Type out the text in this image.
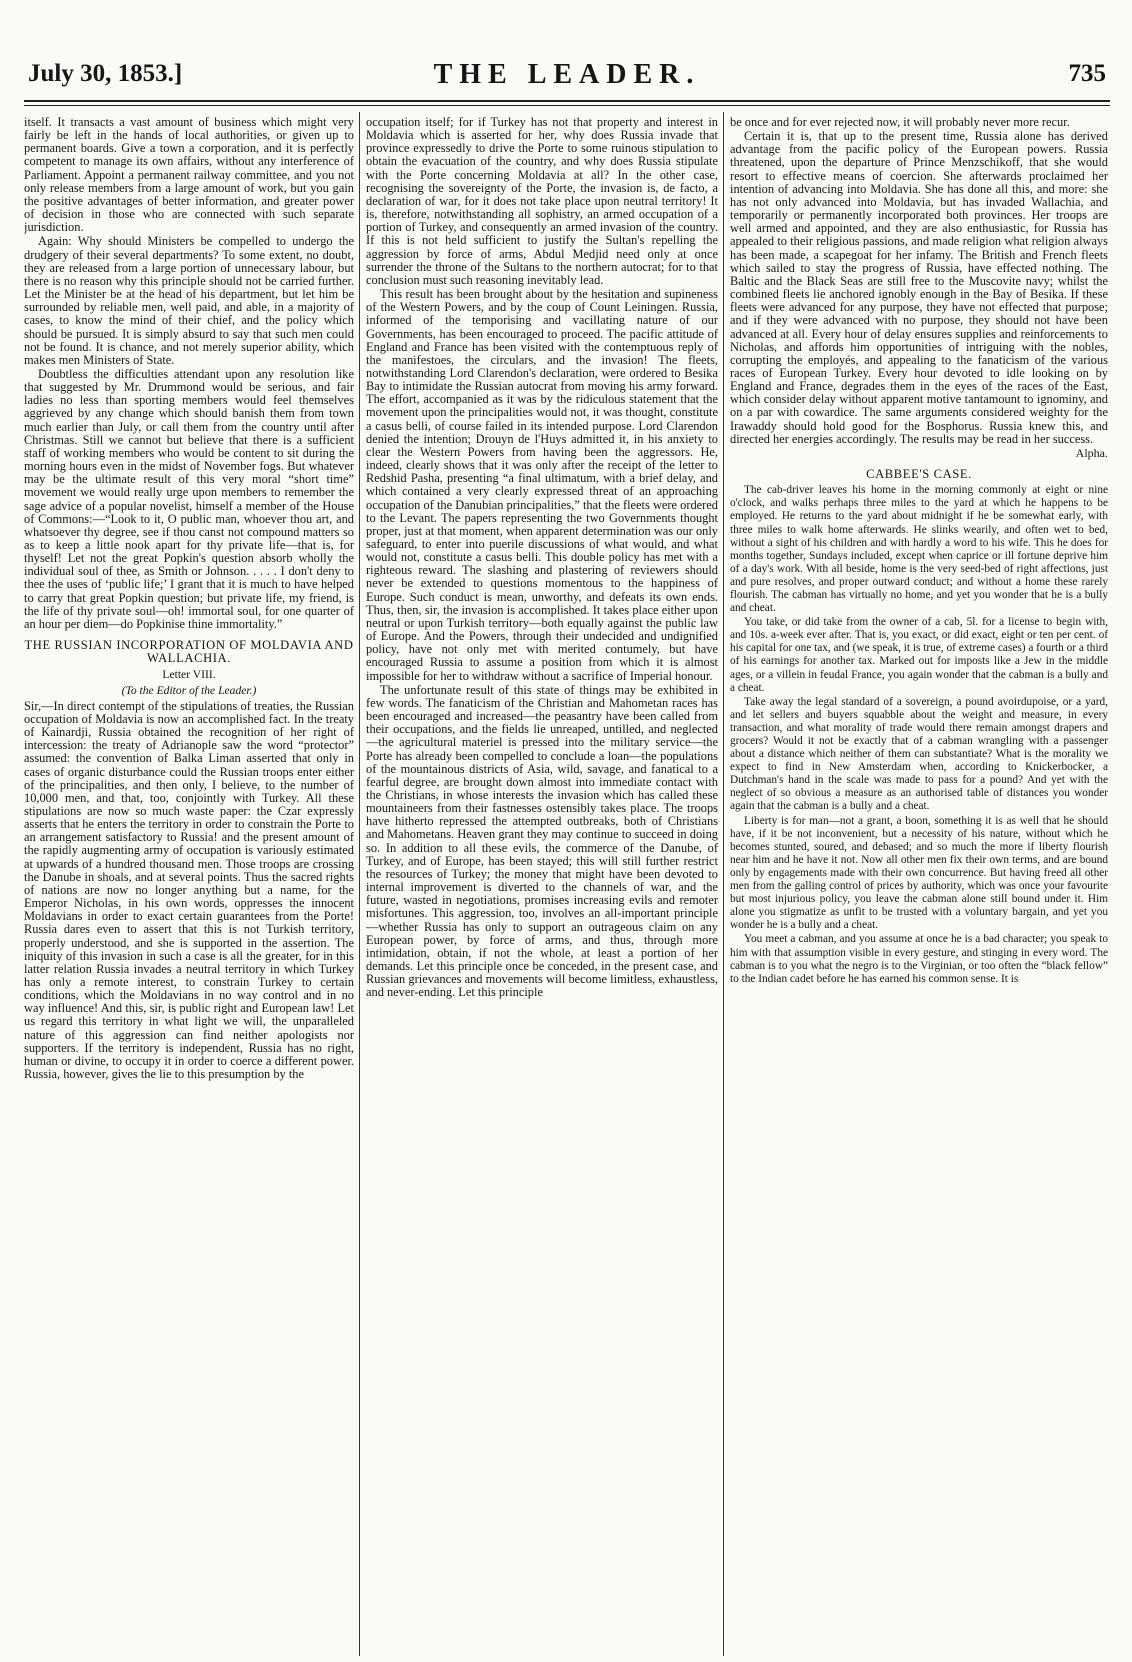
July 30, 1853.]	THE LEADER.	735

itself. It transacts a vast amount of business which might very fairly be left in the hands of local authorities, or given up to permanent boards. Give a town a corporation, and it is perfectly competent to manage its own affairs, without any interference of Parliament. Appoint a permanent railway committee, and you not only release members from a large amount of work, but you gain the positive advantages of better information, and greater power of decision in those who are connected with such separate jurisdiction.

Again: Why should Ministers be compelled to undergo the drudgery of their several departments? To some extent, no doubt, they are released from a large portion of unnecessary labour, but there is no reason why this principle should not be carried further. Let the Minister be at the head of his department, but let him be surrounded by reliable men, well paid, and able, in a majority of cases, to know the mind of their chief, and the policy which should be pursued. It is simply absurd to say that such men could not be found. It is chance, and not merely superior ability, which makes men Ministers of State.

Doubtless the difficulties attendant upon any resolution like that suggested by Mr. Drummond would be serious, and fair ladies no less than sporting members would feel themselves aggrieved by any change which should banish them from town much earlier than July, or call them from the country until after Christmas. Still we cannot but believe that there is a sufficient staff of working members who would be content to sit during the morning hours even in the midst of November fogs. But whatever may be the ultimate result of this very moral “short time” movement we would really urge upon members to remember the sage advice of a popular novelist, himself a member of the House of Commons:—“Look to it, O public man, whoever thou art, and whatsoever thy degree, see if thou canst not compound matters so as to keep a little nook apart for thy private life—that is, for thyself! Let not the great Popkin's question absorb wholly the individual soul of thee, as Smith or Johnson. . . . . I don't deny to thee the uses of ‘public life;’ I grant that it is much to have helped to carry that great Popkin question; but private life, my friend, is the life of thy private soul—oh! immortal soul, for one quarter of an hour per diem—do Popkinise thine immortality.”

THE RUSSIAN INCORPORATION OF MOLDAVIA AND WALLACHIA.
Letter VIII.
(To the Editor of the Leader.)

Sir,—In direct contempt of the stipulations of treaties, the Russian occupation of Moldavia is now an accomplished fact. In the treaty of Kainardji, Russia obtained the recognition of her right of intercession: the treaty of Adrianople saw the word “protector” assumed: the convention of Balka Liman asserted that only in cases of organic disturbance could the Russian troops enter either of the principalities, and then only, I believe, to the number of 10,000 men, and that, too, conjointly with Turkey. All these stipulations are now so much waste paper: the Czar expressly asserts that he enters the territory in order to constrain the Porte to an arrangement satisfactory to Russia! and the present amount of the rapidly augmenting army of occupation is variously estimated at upwards of a hundred thousand men. Those troops are crossing the Danube in shoals, and at several points. Thus the sacred rights of nations are now no longer anything but a name, for the Emperor Nicholas, in his own words, oppresses the innocent Moldavians in order to exact certain guarantees from the Porte! Russia dares even to assert that this is not Turkish territory, properly understood, and she is supported in the assertion. The iniquity of this invasion in such a case is all the greater, for in this latter relation Russia invades a neutral territory in which Turkey has only a remote interest, to constrain Turkey to certain conditions, which the Moldavians in no way control and in no way influence! And this, sir, is public right and European law! Let us regard this territory in what light we will, the unparalleled nature of this aggression can find neither apologists nor supporters. If the territory is independent, Russia has no right, human or divine, to occupy it in order to coerce a different power. Russia, however, gives the lie to this presumption by the

occupation itself; for if Turkey has not that property and interest in Moldavia which is asserted for her, why does Russia invade that province expressedly to drive the Porte to some ruinous stipulation to obtain the evacuation of the country, and why does Russia stipulate with the Porte concerning Moldavia at all? In the other case, recognising the sovereignty of the Porte, the invasion is, de facto, a declaration of war, for it does not take place upon neutral territory! It is, therefore, notwithstanding all sophistry, an armed occupation of a portion of Turkey, and consequently an armed invasion of the country. If this is not held sufficient to justify the Sultan's repelling the aggression by force of arms, Abdul Medjid need only at once surrender the throne of the Sultans to the northern autocrat; for to that conclusion must such reasoning inevitably lead.

This result has been brought about by the hesitation and supineness of the Western Powers, and by the coup of Count Leiningen. Russia, informed of the temporising and vacillating nature of our Governments, has been encouraged to proceed. The pacific attitude of England and France has been visited with the contemptuous reply of the manifestoes, the circulars, and the invasion! The fleets, notwithstanding Lord Clarendon's declaration, were ordered to Besika Bay to intimidate the Russian autocrat from moving his army forward. The effort, accompanied as it was by the ridiculous statement that the movement upon the principalities would not, it was thought, constitute a casus belli, of course failed in its intended purpose. Lord Clarendon denied the intention; Drouyn de l'Huys admitted it, in his anxiety to clear the Western Powers from having been the aggressors. He, indeed, clearly shows that it was only after the receipt of the letter to Redshid Pasha, presenting “a final ultimatum, with a brief delay, and which contained a very clearly expressed threat of an approaching occupation of the Danubian principalities,” that the fleets were ordered to the Levant. The papers representing the two Governments thought proper, just at that moment, when apparent determination was our only safeguard, to enter into puerile discussions of what would, and what would not, constitute a casus belli. This double policy has met with a righteous reward. The slashing and plastering of reviewers should never be extended to questions momentous to the happiness of Europe. Such conduct is mean, unworthy, and defeats its own ends. Thus, then, sir, the invasion is accomplished. It takes place either upon neutral or upon Turkish territory—both equally against the public law of Europe. And the Powers, through their undecided and undignified policy, have not only met with merited contumely, but have encouraged Russia to assume a position from which it is almost impossible for her to withdraw without a sacrifice of Imperial honour.

The unfortunate result of this state of things may be exhibited in few words. The fanaticism of the Christian and Mahometan races has been encouraged and increased—the peasantry have been called from their occupations, and the fields lie unreaped, untilled, and neglected—the agricultural materiel is pressed into the military service—the Porte has already been compelled to conclude a loan—the populations of the mountainous districts of Asia, wild, savage, and fanatical to a fearful degree, are brought down almost into immediate contact with the Christians, in whose interests the invasion which has called these mountaineers from their fastnesses ostensibly takes place. The troops have hitherto repressed the attempted outbreaks, both of Christians and Mahometans. Heaven grant they may continue to succeed in doing so. In addition to all these evils, the commerce of the Danube, of Turkey, and of Europe, has been stayed; this will still further restrict the resources of Turkey; the money that might have been devoted to internal improvement is diverted to the channels of war, and the future, wasted in negotiations, promises increasing evils and remoter misfortunes. This aggression, too, involves an all-important principle—whether Russia has only to support an outrageous claim on any European power, by force of arms, and thus, through more intimidation, obtain, if not the whole, at least a portion of her demands. Let this principle once be conceded, in the present case, and Russian grievances and movements will become limitless, exhaustless, and never-ending. Let this principle

be once and for ever rejected now, it will probably never more recur.

Certain it is, that up to the present time, Russia alone has derived advantage from the pacific policy of the European powers. Russia threatened, upon the departure of Prince Menzschikoff, that she would resort to effective means of coercion. She afterwards proclaimed her intention of advancing into Moldavia. She has done all this, and more: she has not only advanced into Moldavia, but has invaded Wallachia, and temporarily or permanently incorporated both provinces. Her troops are well armed and appointed, and they are also enthusiastic, for Russia has appealed to their religious passions, and made religion what religion always has been made, a scapegoat for her infamy. The British and French fleets which sailed to stay the progress of Russia, have effected nothing. The Baltic and the Black Seas are still free to the Muscovite navy; whilst the combined fleets lie anchored ignobly enough in the Bay of Besika. If these fleets were advanced for any purpose, they have not effected that purpose; and if they were advanced with no purpose, they should not have been advanced at all. Every hour of delay ensures supplies and reinforcements to Nicholas, and affords him opportunities of intriguing with the nobles, corrupting the employés, and appealing to the fanaticism of the various races of European Turkey. Every hour devoted to idle looking on by England and France, degrades them in the eyes of the races of the East, which consider delay without apparent motive tantamount to ignominy, and on a par with cowardice. The same arguments considered weighty for the Irawaddy should hold good for the Bosphorus. Russia knew this, and directed her energies accordingly. The results may be read in her success.

Alpha.
CABBEE'S CASE.

The cab-driver leaves his home in the morning commonly at eight or nine o'clock, and walks perhaps three miles to the yard at which he happens to be employed. He returns to the yard about midnight if he be somewhat early, with three miles to walk home afterwards. He slinks wearily, and often wet to bed, without a sight of his children and with hardly a word to his wife. This he does for months together, Sundays included, except when caprice or ill fortune deprive him of a day's work. With all beside, home is the very seed-bed of right affections, just and pure resolves, and proper outward conduct; and without a home these rarely flourish. The cabman has virtually no home, and yet you wonder that he is a bully and cheat.

You take, or did take from the owner of a cab, 5l. for a license to begin with, and 10s. a-week ever after. That is, you exact, or did exact, eight or ten per cent. of his capital for one tax, and (we speak, it is true, of extreme cases) a fourth or a third of his earnings for another tax. Marked out for imposts like a Jew in the middle ages, or a villein in feudal France, you again wonder that the cabman is a bully and a cheat.

Take away the legal standard of a sovereign, a pound avoirdupoise, or a yard, and let sellers and buyers squabble about the weight and measure, in every transaction, and what morality of trade would there remain amongst drapers and grocers? Would it not be exactly that of a cabman wrangling with a passenger about a distance which neither of them can substantiate? What is the morality we expect to find in New Amsterdam when, according to Knickerbocker, a Dutchman's hand in the scale was made to pass for a pound? And yet with the neglect of so obvious a measure as an authorised table of distances you wonder again that the cabman is a bully and a cheat.

Liberty is for man—not a grant, a boon, something it is as well that he should have, if it be not inconvenient, but a necessity of his nature, without which he becomes stunted, soured, and debased; and so much the more if liberty flourish near him and he have it not. Now all other men fix their own terms, and are bound only by engagements made with their own concurrence. But having freed all other men from the galling control of prices by authority, which was once your favourite but most injurious policy, you leave the cabman alone still bound under it. Him alone you stigmatize as unfit to be trusted with a voluntary bargain, and yet you wonder he is a bully and a cheat.

You meet a cabman, and you assume at once he is a bad character; you speak to him with that assumption visible in every gesture, and stinging in every word. The cabman is to you what the negro is to the Virginian, or too often the “black fellow” to the Indian cadet before he has earned his common sense. It is
